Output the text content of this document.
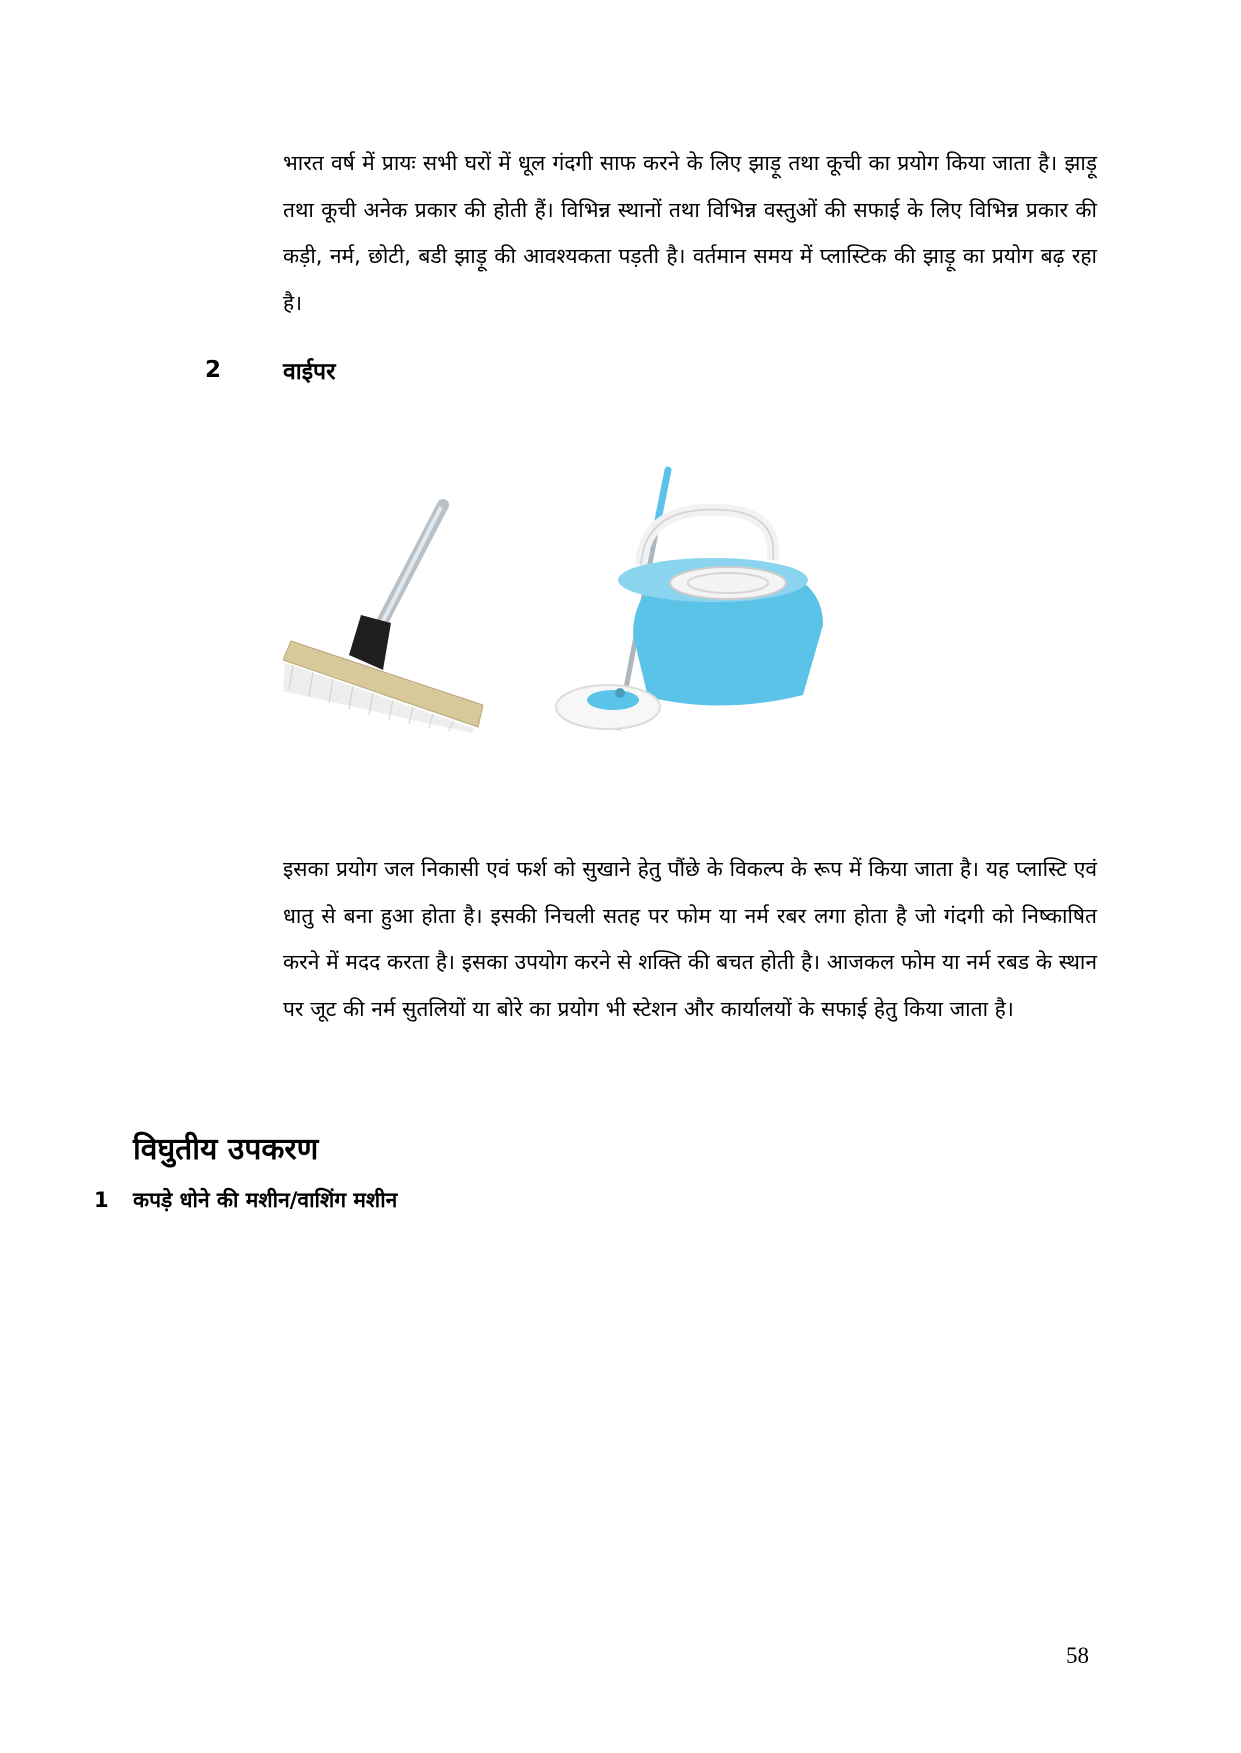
भारत वर्ष में प्रायः सभी घरों में धूल गंदगी साफ करने के लिए झाड़ू तथा कूची का प्रयोग किया जाता है। झाड़ू तथा कूची अनेक प्रकार की होती हैं। विभिन्न स्थानों तथा विभिन्न वस्तुओं की सफाई के लिए विभिन्न प्रकार की कड़ी, नर्म, छोटी, बडी झाड़ू की आवश्यकता पड़ती है। वर्तमान समय में प्लास्टिक की झाड़ू का प्रयोग बढ़ रहा है।

2	वाईपर

इसका प्रयोग जल निकासी एवं फर्श को सुखाने हेतु पौंछे के विकल्प के रूप में किया जाता है। यह प्लास्टि एवं धातु से बना हुआ होता है। इसकी निचली सतह पर फोम या नर्म रबर लगा होता है जो गंदगी को निष्काषित करने में मदद करता है। इसका उपयोग करने से शक्ति की बचत होती है। आजकल फोम या नर्म रबड के स्थान पर जूट की नर्म सुतलियों या बोरे का प्रयोग भी स्टेशन और कार्यालयों के सफाई हेतु किया जाता है।

विघुतीय उपकरण
1 कपड़े धोने की मशीन/वाशिंग मशीन
58
